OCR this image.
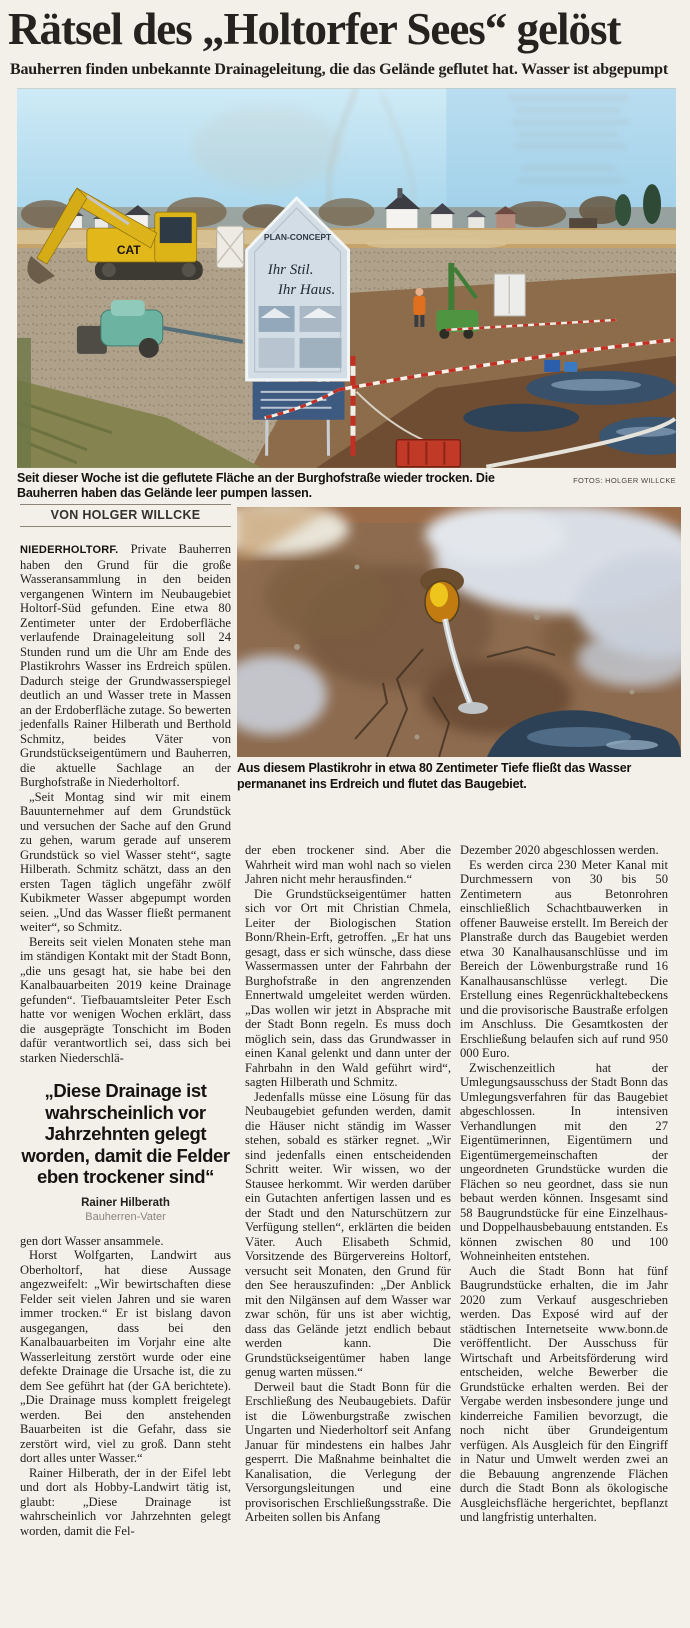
Rätsel des „Holtorfer Sees“ gelöst
Bauherren finden unbekannte Drainageleitung, die das Gelände geflutet hat. Wasser ist abgepumpt
CAT
PLAN-CONCEPT
Ihr Stil.
Ihr Haus.

Seit dieser Woche ist die geflutete Fläche an der Burghofstraße wieder trocken. Die Bauherren haben das Gelände leer pumpen lassen.

FOTOS: HOLGER WILLCKE

VON HOLGER WILLCKE

NIEDERHOLTORF. Private Bauherren haben den Grund für die große Wasseransammlung in den beiden vergangenen Wintern im Neubaugebiet Holtorf-Süd gefunden. Eine etwa 80 Zentimeter unter der Erdoberfläche verlaufende Drainageleitung soll 24 Stunden rund um die Uhr am Ende des Plastikrohrs Wasser ins Erdreich spülen. Dadurch steige der Grundwasserspiegel deutlich an und Wasser trete in Massen an der Erdoberfläche zutage. So bewerten jedenfalls Rainer Hilberath und Berthold Schmitz, beides Väter von Grundstückseigentümern und Bauherren, die aktuelle Sachlage an der Burghofstraße in Niederholtorf.

„Seit Montag sind wir mit einem Bauunternehmer auf dem Grundstück und versuchen der Sache auf den Grund zu gehen, warum gerade auf unserem Grundstück so viel Wasser steht“, sagte Hilberath. Schmitz schätzt, dass an den ersten Tagen täglich ungefähr zwölf Kubikmeter Wasser abgepumpt worden seien. „Und das Wasser fließt permanent weiter“, so Schmitz.

Bereits seit vielen Monaten stehe man im ständigen Kontakt mit der Stadt Bonn, „die uns gesagt hat, sie habe bei den Kanalbauarbeiten 2019 keine Drainage gefunden“. Tiefbauamtsleiter Peter Esch hatte vor wenigen Wochen erklärt, dass die ausgeprägte Tonschicht im Boden dafür verantwortlich sei, dass sich bei starken Niederschlä-

„Diese Drainage ist wahrscheinlich vor Jahrzehnten gelegt worden, damit die Felder eben trockener sind“

Rainer Hilberath

Bauherren-Vater

gen dort Wasser ansammele.

Horst Wolfgarten, Landwirt aus Oberholtorf, hat diese Aussage angezweifelt: „Wir bewirtschaften diese Felder seit vielen Jahren und sie waren immer trocken.“ Er ist bislang davon ausgegangen, dass bei den Kanalbauarbeiten im Vorjahr eine alte Wasserleitung zerstört wurde oder eine defekte Drainage die Ursache ist, die zu dem See geführt hat (der GA berichtete). „Die Drainage muss komplett freigelegt werden. Bei den anstehenden Bauarbeiten ist die Gefahr, dass sie zerstört wird, viel zu groß. Dann steht dort alles unter Wasser.“

Rainer Hilberath, der in der Eifel lebt und dort als Hobby-Landwirt tätig ist, glaubt: „Diese Drainage ist wahrscheinlich vor Jahrzehnten gelegt worden, damit die Fel-

Aus diesem Plastikrohr in etwa 80 Zentimeter Tiefe fließt das Wasser permananet ins Erdreich und flutet das Baugebiet.

der eben trockener sind. Aber die Wahrheit wird man wohl nach so vielen Jahren nicht mehr herausfinden.“

Die Grundstückseigentümer hatten sich vor Ort mit Christian Chmela, Leiter der Biologischen Station Bonn/Rhein-Erft, getroffen. „Er hat uns gesagt, dass er sich wünsche, dass diese Wassermassen unter der Fahrbahn der Burghofstraße in den angrenzenden Ennertwald umgeleitet werden würden. „Das wollen wir jetzt in Absprache mit der Stadt Bonn regeln. Es muss doch möglich sein, dass das Grundwasser in einen Kanal gelenkt und dann unter der Fahrbahn in den Wald geführt wird“, sagten Hilberath und Schmitz.

Jedenfalls müsse eine Lösung für das Neubaugebiet gefunden werden, damit die Häuser nicht ständig im Wasser stehen, sobald es stärker regnet. „Wir sind jedenfalls einen entscheidenden Schritt weiter. Wir wissen, wo der Stausee herkommt. Wir werden darüber ein Gutachten anfertigen lassen und es der Stadt und den Naturschützern zur Verfügung stellen“, erklärten die beiden Väter. Auch Elisabeth Schmid, Vorsitzende des Bürgervereins Holtorf, versucht seit Monaten, den Grund für den See herauszufinden: „Der Anblick mit den Nilgänsen auf dem Wasser war zwar schön, für uns ist aber wichtig, dass das Gelände jetzt endlich bebaut werden kann. Die Grundstückseigentümer haben lange genug warten müssen.“

Derweil baut die Stadt Bonn für die Erschließung des Neubaugebiets. Dafür ist die Löwenburgstraße zwischen Ungarten und Niederholtorf seit Anfang Januar für mindestens ein halbes Jahr gesperrt. Die Maßnahme beinhaltet die Kanalisation, die Verlegung der Versorgungsleitungen und eine provisorischen Erschließungsstraße. Die Arbeiten sollen bis Anfang

Dezember 2020 abgeschlossen werden.

Es werden circa 230 Meter Kanal mit Durchmessern von 30 bis 50 Zentimetern aus Betonrohren einschließlich Schachtbauwerken in offener Bauweise erstellt. Im Bereich der Planstraße durch das Baugebiet werden etwa 30 Kanalhausanschlüsse und im Bereich der Löwenburgstraße rund 16 Kanalhausanschlüsse verlegt. Die Erstellung eines Regenrückhaltebeckens und die provisorische Baustraße erfolgen im Anschluss. Die Gesamtkosten der Erschließung belaufen sich auf rund 950 000 Euro.

Zwischenzeitlich hat der Umlegungsausschuss der Stadt Bonn das Umlegungsverfahren für das Baugebiet abgeschlossen. In intensiven Verhandlungen mit den 27 Eigentümerinnen, Eigentümern und Eigentümergemeinschaften der ungeordneten Grundstücke wurden die Flächen so neu geordnet, dass sie nun bebaut werden können. Insgesamt sind 58 Baugrundstücke für eine Einzelhaus- und Doppelhausbebauung entstanden. Es können zwischen 80 und 100 Wohneinheiten entstehen.

Auch die Stadt Bonn hat fünf Baugrundstücke erhalten, die im Jahr 2020 zum Verkauf ausgeschrieben werden. Das Exposé wird auf der städtischen Internetseite www.bonn.de veröffentlicht. Der Ausschuss für Wirtschaft und Arbeitsförderung wird entscheiden, welche Bewerber die Grundstücke erhalten werden. Bei der Vergabe werden insbesondere junge und kinderreiche Familien bevorzugt, die noch nicht über Grundeigentum verfügen. Als Ausgleich für den Eingriff in Natur und Umwelt werden zwei an die Bebauung angrenzende Flächen durch die Stadt Bonn als ökologische Ausgleichsfläche hergerichtet, bepflanzt und langfristig unterhalten.
